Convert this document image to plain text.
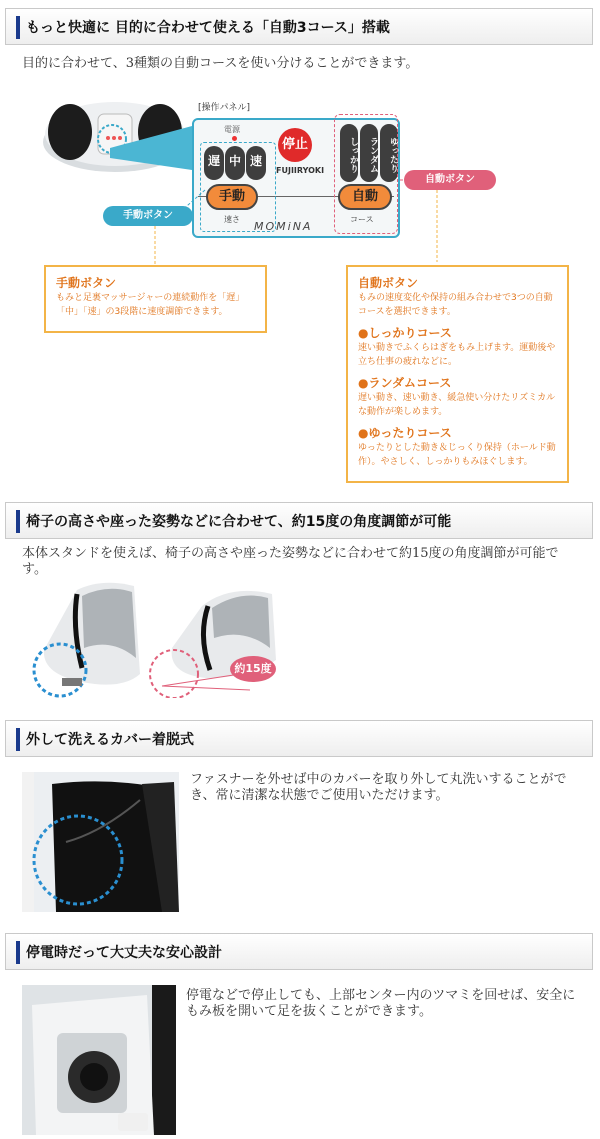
もっと快適に 目的に合わせて使える「自動3コース」搭載
目的に合わせて、3種類の自動コースを使い分けることができます。
[操作パネル]
電源
停止
遅 中 速
手動
速さ
FUJIIRYOKI	しっかり	ランダム	ゆったり
自動
コース
MOMiNA
手動ボタン
自動ボタン
手動ボタン
もみと足裏マッサージャーの連続動作を「遅」「中」「速」の3段階に速度調節できます。
自動ボタン
もみの速度変化や保持の組み合わせで3つの自動コースを選択できます。
●しっかりコース
速い動きでふくらはぎをもみ上げます。運動後や立ち仕事の疲れなどに。
●ランダムコース
遅い動き、速い動き、緩急使い分けたリズミカルな動作が楽しめます。
●ゆったりコース
ゆったりとした動き＆じっくり保持（ホールド動作）。やさしく、しっかりもみほぐします。
椅子の高さや座った姿勢などに合わせて、約15度の角度調節が可能
本体スタンドを使えば、椅子の高さや座った姿勢などに合わせて約15度の角度調節が可能です。
約15度
外して洗えるカバー着脱式
ファスナーを外せば中のカバーを取り外して丸洗いすることができ、常に清潔な状態でご使用いただけます。
停電時だって大丈夫な安心設計
停電などで停止しても、上部センター内のツマミを回せば、安全にもみ板を開いて足を抜くことができます。
